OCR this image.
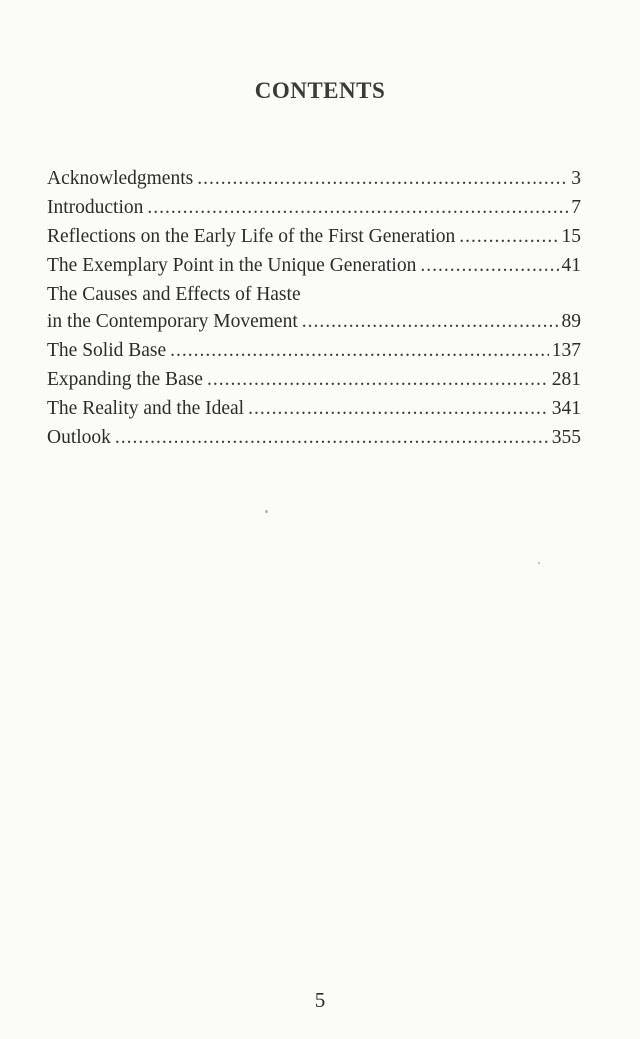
CONTENTS
Acknowledgments .....	3
Introduction .....	7
Reflections on the Early Life of the First Generation .....	15
The Exemplary Point in the Unique Generation .....	41
The Causes and Effects of Haste
in the Contemporary Movement .....	89
The Solid Base .....	137
Expanding the Base .....	281
The Reality and the Ideal .....	341
Outlook .....	355
5
